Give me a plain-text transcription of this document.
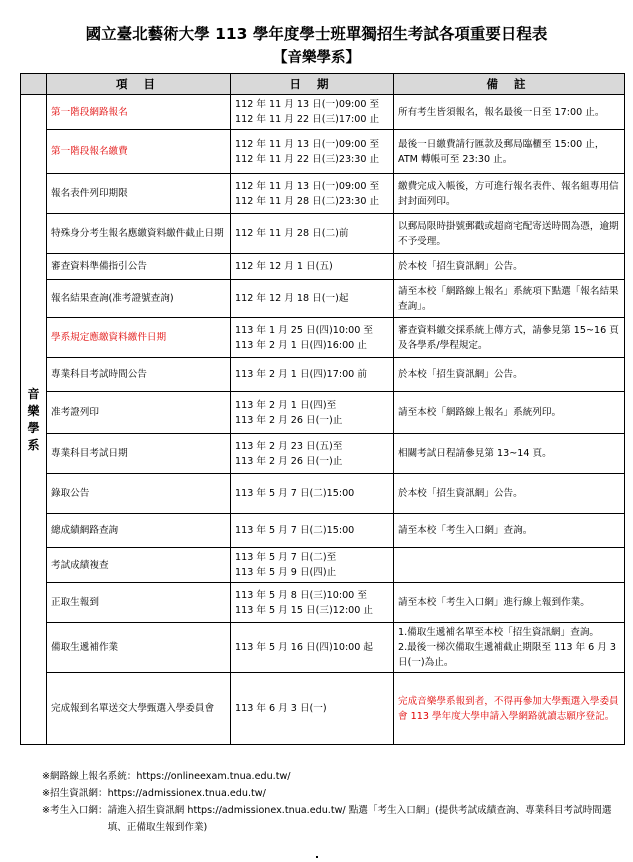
國立臺北藝術大學 113 學年度學士班單獨招生考試各項重要日程表
【音樂學系】
	項 目	日 期	備 註
音樂學系	第一階段網路報名	112 年 11 月 13 日(一)09:00 至
112 年 11 月 22 日(三)17:00 止	所有考生皆須報名，報名最後一日至 17:00 止。
	第一階段報名繳費	112 年 11 月 13 日(一)09:00 至
112 年 11 月 22 日(三)23:30 止	最後一日繳費請行匯款及郵局臨櫃至 15:00 止，ATM 轉帳可至 23:30 止。
	報名表件列印期限	112 年 11 月 13 日(一)09:00 至
112 年 11 月 28 日(二)23:30 止	繳費完成入帳後，方可進行報名表件、報名組專用信封封面列印。
	特殊身分考生報名應繳資料繳件截止日期	112 年 11 月 28 日(二)前	以郵局限時掛號郵戳或超商宅配寄送時間為憑，逾期不予受理。
	審查資料準備指引公告	112 年 12 月 1 日(五)	於本校「招生資訊網」公告。
	報名結果查詢(准考證號查詢)	112 年 12 月 18 日(一)起	請至本校「網路線上報名」系統項下點選「報名結果查詢」。
	學系規定應繳資料繳件日期	113 年 1 月 25 日(四)10:00 至
113 年 2 月 1 日(四)16:00 止	審查資料繳交採系統上傳方式，請參見第 15~16 頁及各學系/學程規定。
	專業科目考試時間公告	113 年 2 月 1 日(四)17:00 前	於本校「招生資訊網」公告。
	准考證列印	113 年 2 月 1 日(四)至
113 年 2 月 26 日(一)止	請至本校「網路線上報名」系統列印。
	專業科目考試日期	113 年 2 月 23 日(五)至
113 年 2 月 26 日(一)止	相關考試日程請參見第 13~14 頁。
	錄取公告	113 年 5 月 7 日(二)15:00	於本校「招生資訊網」公告。
	總成績網路查詢	113 年 5 月 7 日(二)15:00	請至本校「考生入口網」查詢。
	考試成績複查	113 年 5 月 7 日(二)至
113 年 5 月 9 日(四)止	

	正取生報到	113 年 5 月 8 日(三)10:00 至
113 年 5 月 15 日(三)12:00 止	請至本校「考生入口網」進行線上報到作業。
	備取生遞補作業	113 年 5 月 16 日(四)10:00 起	1.備取生遞補名單至本校「招生資訊網」查詢。
2.最後一梯次備取生遞補截止期限至 113 年 6 月 3 日(一)為止。

	完成報到名單送交大學甄選入學委員會	113 年 6 月 3 日(一)	完成音樂學系報到者，不得再參加大學甄選入學委員會 113 學年度大學申請入學網路就讀志願序登記。
※網路線上報名系統： https://onlineexam.tnua.edu.tw/
※招生資訊網： https://admissionex.tnua.edu.tw/
※考生入口網： 請進入招生資訊網 https://admissionex.tnua.edu.tw/ 點選「考生入口網」(提供考試成績查詢、專業科目考試時間選填、正備取生報到作業)
